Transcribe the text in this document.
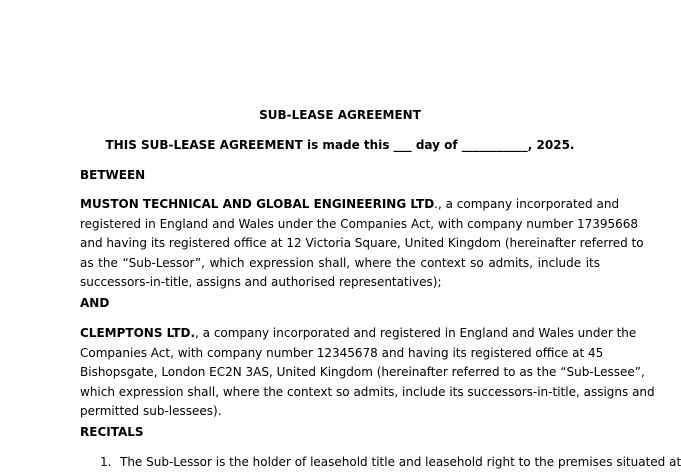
SUB-LEASE AGREEMENT
THIS SUB-LEASE AGREEMENT is made this ___ day of ___________, 2025.
BETWEEN
MUSTON TECHNICAL AND GLOBAL ENGINEERING LTD., a company incorporated and
registered in England and Wales under the Companies Act, with company number 17395668
and having its registered office at 12 Victoria Square, United Kingdom (hereinafter referred to
as the “Sub-Lessor”, which expression shall, where the context so admits, include its
successors-in-title, assigns and authorised representatives);
AND
CLEMPTONS LTD., a company incorporated and registered in England and Wales under the
Companies Act, with company number 12345678 and having its registered office at 45
Bishopsgate, London EC2N 3AS, United Kingdom (hereinafter referred to as the “Sub-Lessee”,
which expression shall, where the context so admits, include its successors-in-title, assigns and
permitted sub-lessees).
RECITALS
1. The Sub-Lessor is the holder of leasehold title and leasehold right to the premises situated at
